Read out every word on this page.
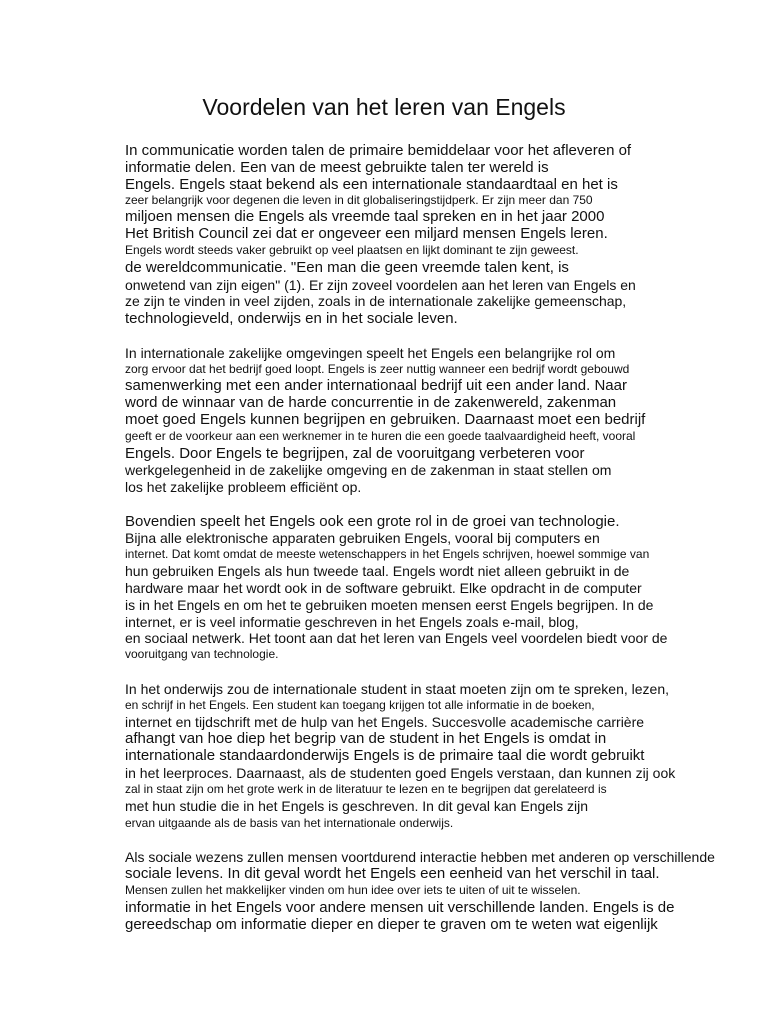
Voordelen van het leren van Engels

In communicatie worden talen de primaire bemiddelaar voor het afleveren of

informatie delen. Een van de meest gebruikte talen ter wereld is

Engels. Engels staat bekend als een internationale standaardtaal en het is

zeer belangrijk voor degenen die leven in dit globaliseringstijdperk. Er zijn meer dan 750

miljoen mensen die Engels als vreemde taal spreken en in het jaar 2000

Het British Council zei dat er ongeveer een miljard mensen Engels leren.

Engels wordt steeds vaker gebruikt op veel plaatsen en lijkt dominant te zijn geweest.

de wereldcommunicatie. "Een man die geen vreemde talen kent, is

onwetend van zijn eigen" (1). Er zijn zoveel voordelen aan het leren van Engels en

ze zijn te vinden in veel zijden, zoals in de internationale zakelijke gemeenschap,

technologieveld, onderwijs en in het sociale leven.

In internationale zakelijke omgevingen speelt het Engels een belangrijke rol om

zorg ervoor dat het bedrijf goed loopt. Engels is zeer nuttig wanneer een bedrijf wordt gebouwd

samenwerking met een ander internationaal bedrijf uit een ander land. Naar

word de winnaar van de harde concurrentie in de zakenwereld, zakenman

moet goed Engels kunnen begrijpen en gebruiken. Daarnaast moet een bedrijf

geeft er de voorkeur aan een werknemer in te huren die een goede taalvaardigheid heeft, vooral

Engels. Door Engels te begrijpen, zal de vooruitgang verbeteren voor

werkgelegenheid in de zakelijke omgeving en de zakenman in staat stellen om

los het zakelijke probleem efficiënt op.

Bovendien speelt het Engels ook een grote rol in de groei van technologie.

Bijna alle elektronische apparaten gebruiken Engels, vooral bij computers en

internet. Dat komt omdat de meeste wetenschappers in het Engels schrijven, hoewel sommige van

hun gebruiken Engels als hun tweede taal. Engels wordt niet alleen gebruikt in de

hardware maar het wordt ook in de software gebruikt. Elke opdracht in de computer

is in het Engels en om het te gebruiken moeten mensen eerst Engels begrijpen. In de

internet, er is veel informatie geschreven in het Engels zoals e-mail, blog,

en sociaal netwerk. Het toont aan dat het leren van Engels veel voordelen biedt voor de

vooruitgang van technologie.

In het onderwijs zou de internationale student in staat moeten zijn om te spreken, lezen,

en schrijf in het Engels. Een student kan toegang krijgen tot alle informatie in de boeken,

internet en tijdschrift met de hulp van het Engels. Succesvolle academische carrière

afhangt van hoe diep het begrip van de student in het Engels is omdat in

internationale standaardonderwijs Engels is de primaire taal die wordt gebruikt

in het leerproces. Daarnaast, als de studenten goed Engels verstaan, dan kunnen zij ook

zal in staat zijn om het grote werk in de literatuur te lezen en te begrijpen dat gerelateerd is

met hun studie die in het Engels is geschreven. In dit geval kan Engels zijn

ervan uitgaande als de basis van het internationale onderwijs.

Als sociale wezens zullen mensen voortdurend interactie hebben met anderen op verschillende

sociale levens. In dit geval wordt het Engels een eenheid van het verschil in taal.

Mensen zullen het makkelijker vinden om hun idee over iets te uiten of uit te wisselen.

informatie in het Engels voor andere mensen uit verschillende landen. Engels is de

gereedschap om informatie dieper en dieper te graven om te weten wat eigenlijk
